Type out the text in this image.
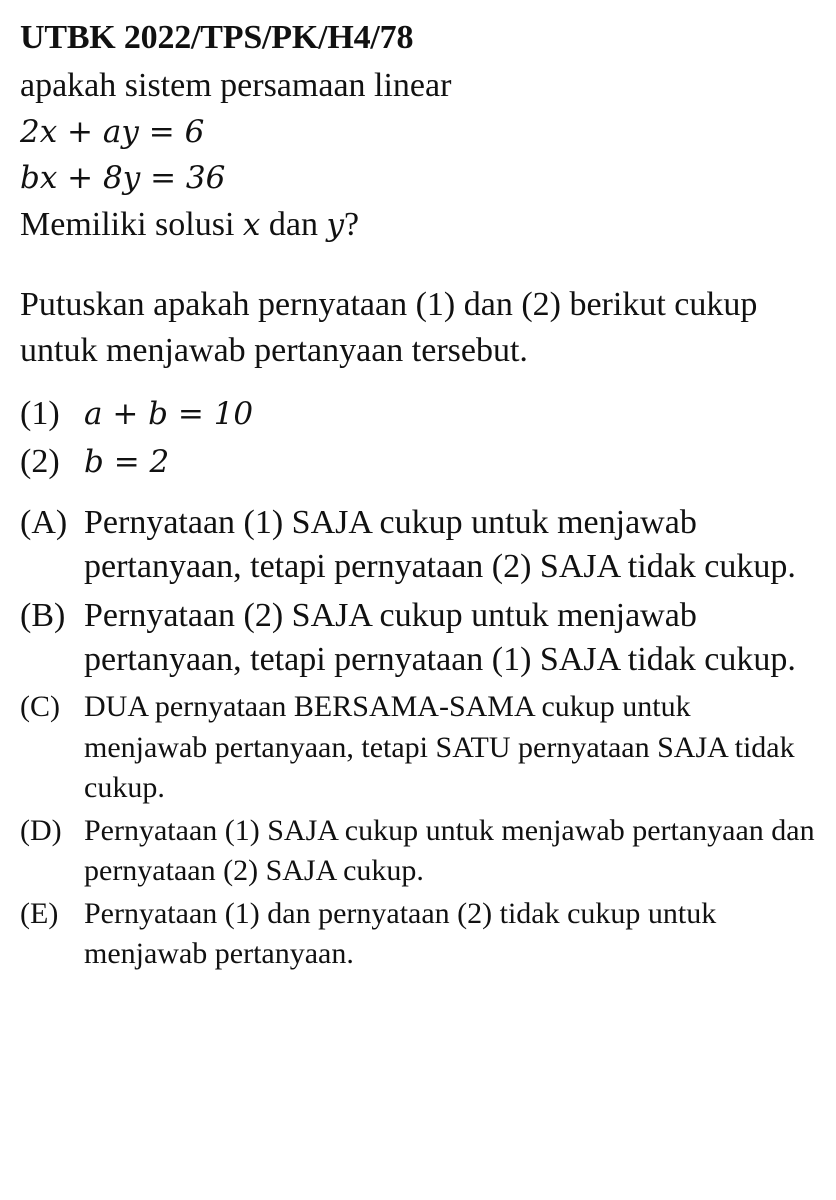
UTBK 2022/TPS/PK/H4/78
apakah sistem persamaan linear
2x + ay = 6
bx + 8y = 36
Memiliki solusi x dan y?
Putuskan apakah pernyataan (1) dan (2) berikut cukup untuk menjawab pertanyaan tersebut.
(1) a + b = 10
(2) b = 2
(A) Pernyataan (1) SAJA cukup untuk menjawab pertanyaan, tetapi pernyataan (2) SAJA tidak cukup.
(B) Pernyataan (2) SAJA cukup untuk menjawab pertanyaan, tetapi pernyataan (1) SAJA tidak cukup.
(C) DUA pernyataan BERSAMA-SAMA cukup untuk menjawab pertanyaan, tetapi SATU pernyataan SAJA tidak cukup.
(D) Pernyataan (1) SAJA cukup untuk menjawab pertanyaan dan pernyataan (2) SAJA cukup.
(E) Pernyataan (1) dan pernyataan (2) tidak cukup untuk menjawab pertanyaan.
